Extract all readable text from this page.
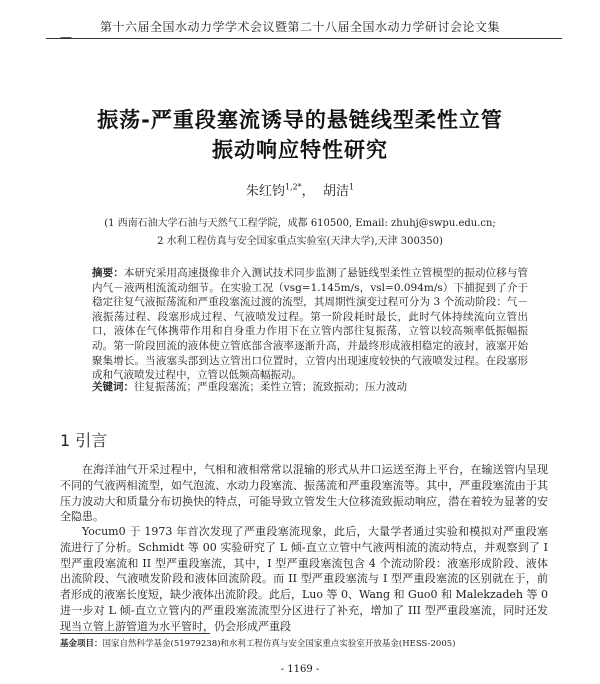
—
第十六届全国水动力学学术会议暨第二十八届全国水动力学研讨会论文集
振荡-严重段塞流诱导的悬链线型柔性立管
振动响应特性研究
朱红钧$^{1,2*}$， 胡洁$^1$
(1 西南石油大学石油与天然气工程学院，成都 610500, Email: zhuhj@swpu.edu.cn;
2 水利工程仿真与安全国家重点实验室(天津大学),天津 300350)
摘要：本研究采用高速摄像非介入测试技术同步监测了悬链线型柔性立管模型的振动位移与管内气－液两相流流动细节。在实验工况（vsg=1.145m/s，vsl=0.094m/s）下捕捉到了介于稳定往复气液振荡流和严重段塞流过渡的流型，其周期性演变过程可分为 3 个流动阶段：气－液振荡过程、段塞形成过程、气液喷发过程。第一阶段耗时最长，此时气体持续流向立管出口，液体在气体携带作用和自身重力作用下在立管内部往复振荡，立管以较高频率低振幅振动。第一阶段回流的液体使立管底部含液率逐渐升高，并最终形成液相稳定的液封，液塞开始聚集增长。当液塞头部到达立管出口位置时，立管内出现速度较快的气液喷发过程。在段塞形成和气液喷发过程中，立管以低频高幅振动。
关键词：往复振荡流；严重段塞流；柔性立管；流致振动；压力波动
1 引言
在海洋油气开采过程中，气相和液相常常以混输的形式从井口运送至海上平台，在输送管内呈现不同的气液两相流型，如气泡流、水动力段塞流、振荡流和严重段塞流等。其中，严重段塞流由于其压力波动大和质量分布切换快的特点，可能导致立管发生大位移流致振动响应，潜在着较为显著的安全隐患。
Yocum0 于 1973 年首次发现了严重段塞流现象，此后，大量学者通过实验和模拟对严重段塞流进行了分析。Schmidt 等 00 实验研究了 L 倾-直立立管中气液两相流的流动特点，并观察到了 I 型严重段塞流和 II 型严重段塞流，其中，I 型严重段塞流包含 4 个流动阶段：液塞形成阶段、液体出流阶段、气液喷发阶段和液体回流阶段。而 II 型严重段塞流与 I 型严重段塞流的区别就在于，前者形成的液塞长度短，缺少液体出流阶段。此后，Luo 等 0、Wang 和 Guo0 和 Malekzadeh 等 0 进一步对 L 倾-直立立管内的严重段塞流流型分区进行了补充，增加了 III 型严重段塞流，同时还发现当立管上游管道为水平管时，仍会形成严重段
基金项目：国家自然科学基金(51979238)和水利工程仿真与安全国家重点实验室开放基金(HESS-2005)
- 1169 -
